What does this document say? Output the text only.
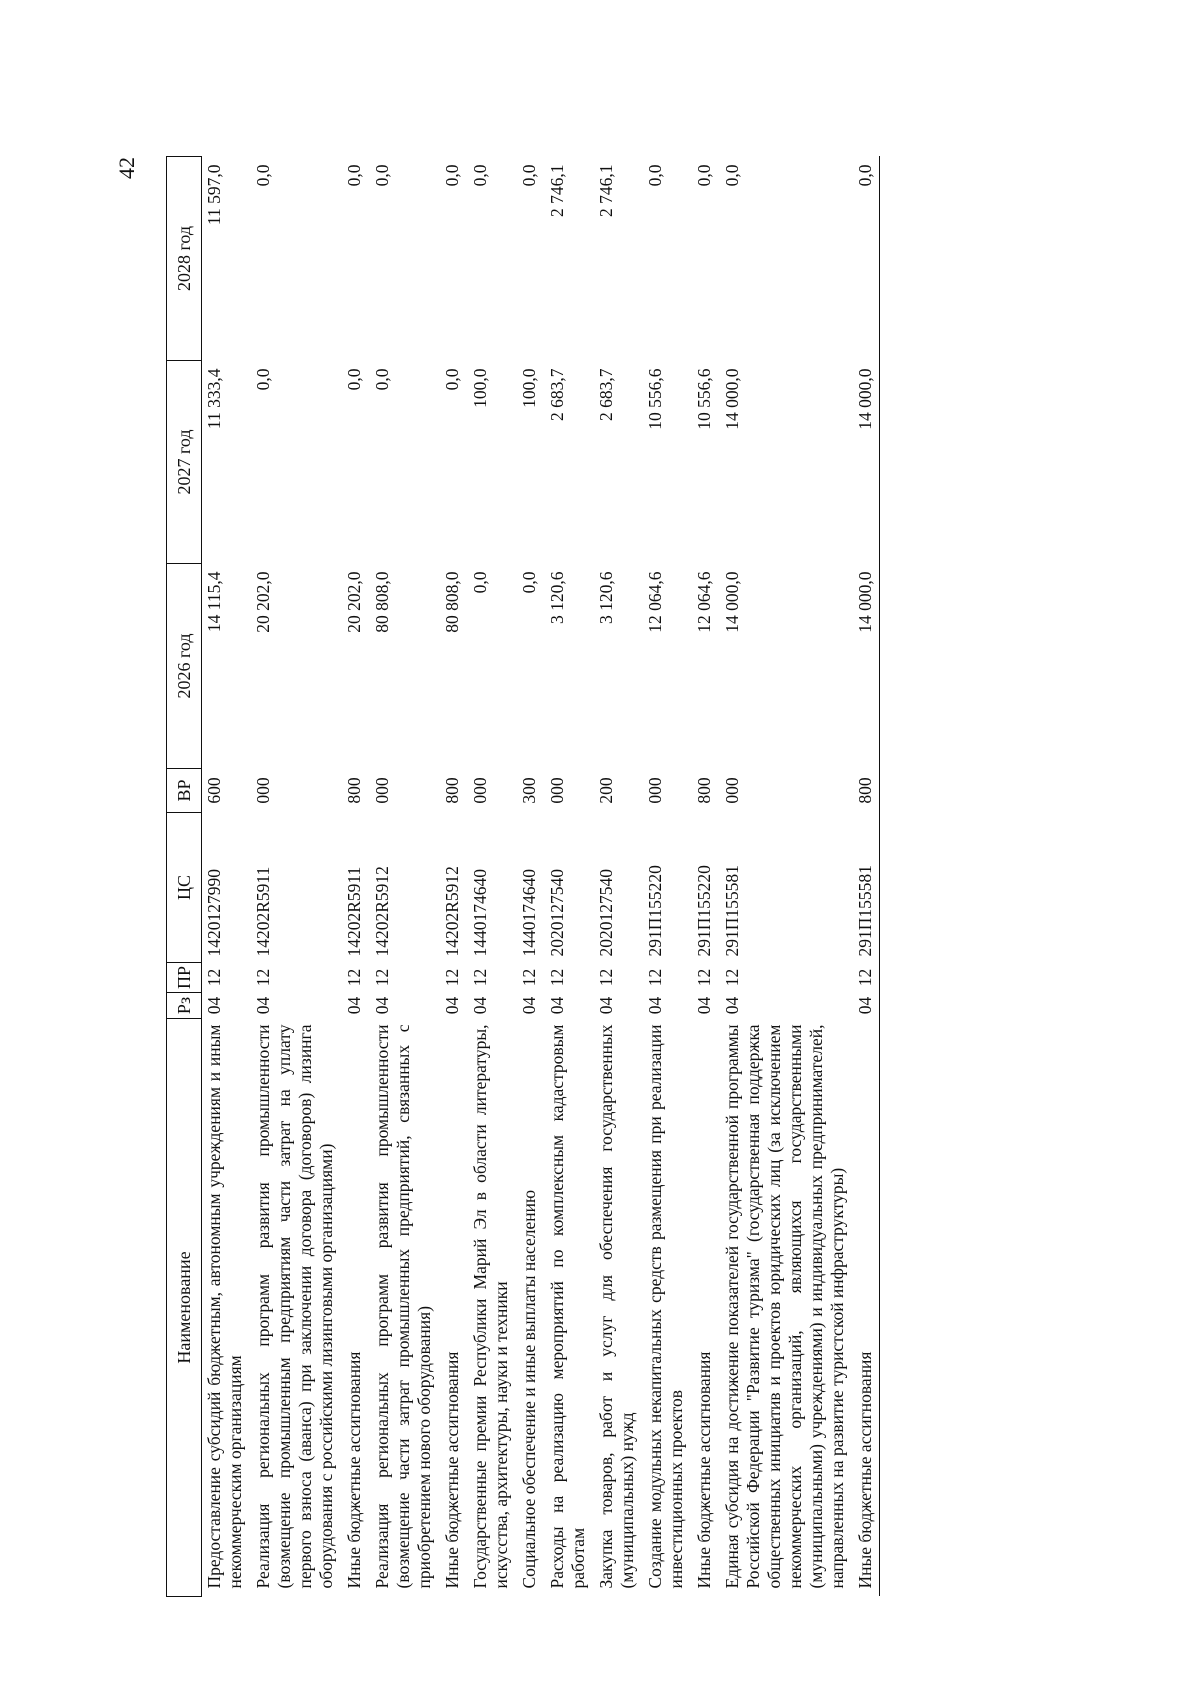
42
Наименование	Рз	ПР	ЦС	ВР	2026 год	2027 год	2028 год
Предоставление субсидий бюджетным, автономным учреждениям и иным некоммерческим организациям	04	12	1420127990	600	14 115,4	11 333,4	11 597,0
Реализация региональных программ развития промышленности (возмещение промышленным предприятиям части затрат на уплату первого взноса (аванса) при заключении договора (договоров) лизинга оборудования с российскими лизинговыми организациями)	04	12	14202R5911	000	20 202,0	0,0	0,0
Иные бюджетные ассигнования	04	12	14202R5911	800	20 202,0	0,0	0,0
Реализация региональных программ развития промышленности (возмещение части затрат промышленных предприятий, связанных с приобретением нового оборудования)	04	12	14202R5912	000	80 808,0	0,0	0,0
Иные бюджетные ассигнования	04	12	14202R5912	800	80 808,0	0,0	0,0
Государственные премии Республики Марий Эл в области литературы, искусства, архитектуры, науки и техники	04	12	1440174640	000	0,0	100,0	0,0
Социальное обеспечение и иные выплаты населению	04	12	1440174640	300	0,0	100,0	0,0
Расходы на реализацию мероприятий по комплексным кадастровым работам	04	12	2020127540	000	3 120,6	2 683,7	2 746,1
Закупка товаров, работ и услуг для обеспечения государственных (муниципальных) нужд	04	12	2020127540	200	3 120,6	2 683,7	2 746,1
Создание модульных некапитальных средств размещения при реализации инвестиционных проектов	04	12	291П155220	000	12 064,6	10 556,6	0,0
Иные бюджетные ассигнования	04	12	291П155220	800	12 064,6	10 556,6	0,0
Единая субсидия на достижение показателей государственной программы Российской Федерации "Развитие туризма" (государственная поддержка общественных инициатив и проектов юридических лиц (за исключением некоммерческих организаций, являющихся государственными (муниципальными) учреждениями) и индивидуальных предпринимателей, направленных на развитие туристской инфраструктуры)	04	12	291П155581	000	14 000,0	14 000,0	0,0
Иные бюджетные ассигнования	04	12	291П155581	800	14 000,0	14 000,0	0,0
